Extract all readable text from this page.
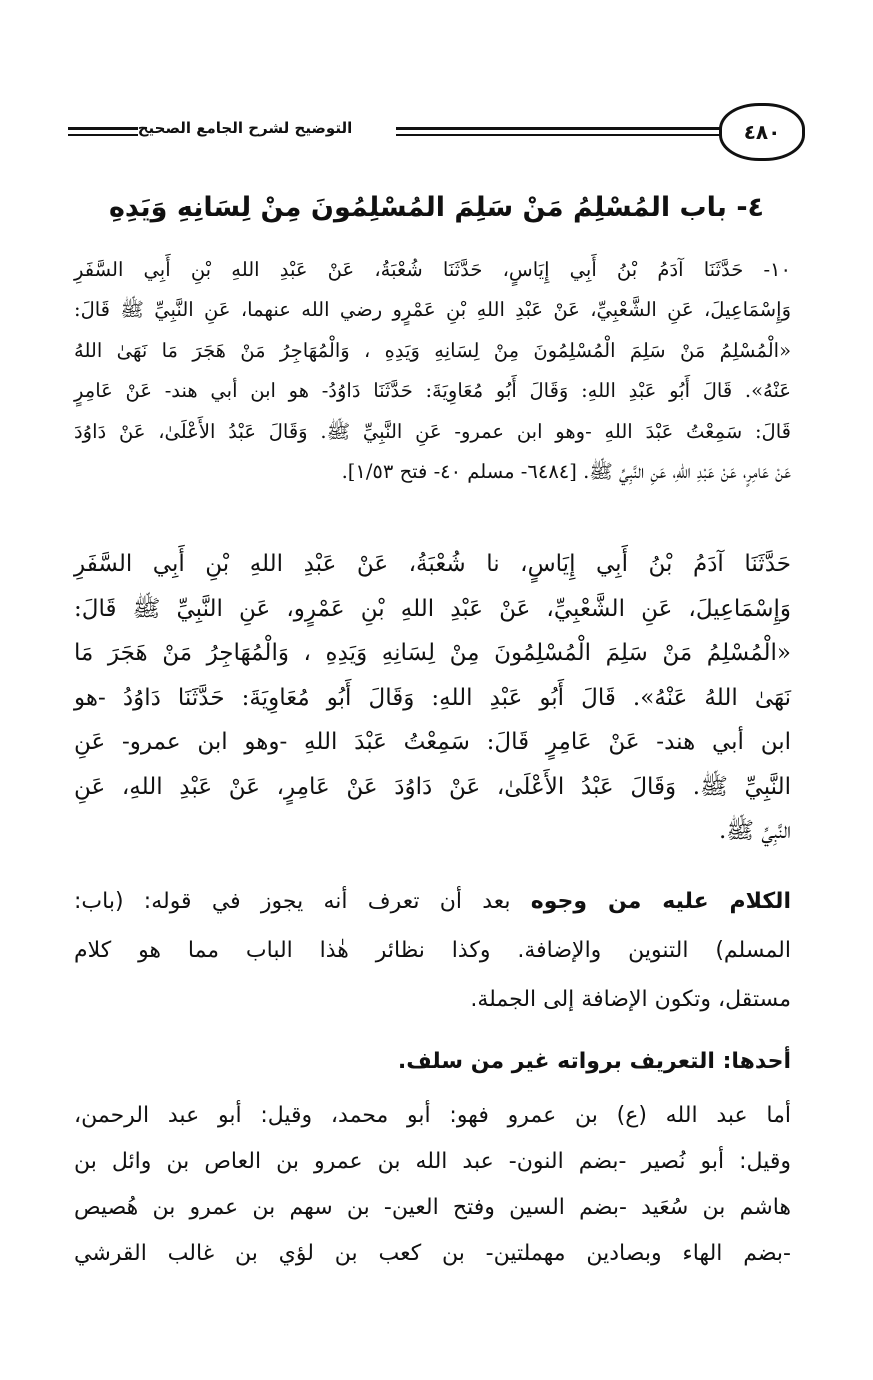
التوضيح لشرح الجامع الصحيح	٤٨٠
٤- باب المُسْلِمُ مَنْ سَلِمَ المُسْلِمُونَ مِنْ لِسَانِهِ وَيَدِهِ
١٠- حَدَّثَنَا آدَمُ بْنُ أَبِي إِيَاسٍ، حَدَّثَنَا شُعْبَةُ، عَنْ عَبْدِ اللهِ بْنِ أَبِي السَّفَرِ
وَإِسْمَاعِيلَ، عَنِ الشَّعْبِيِّ، عَنْ عَبْدِ اللهِ بْنِ عَمْرٍو رضي الله عنهما، عَنِ النَّبِيِّ ﷺ قَالَ:
«الْمُسْلِمُ مَنْ سَلِمَ الْمُسْلِمُونَ مِنْ لِسَانِهِ وَيَدِهِ ، وَالْمُهَاجِرُ مَنْ هَجَرَ مَا نَهَىٰ اللهُ
عَنْهُ». قَالَ أَبُو عَبْدِ اللهِ: وَقَالَ أَبُو مُعَاوِيَةَ: حَدَّثَنَا دَاوُدُ- هو ابن أبي هند- عَنْ عَامِرٍ
قَالَ: سَمِعْتُ عَبْدَ اللهِ -وهو ابن عمرو- عَنِ النَّبِيِّ ﷺ. وَقَالَ عَبْدُ الأَعْلَىٰ، عَنْ دَاوُدَ
عَنْ عَامِرٍ، عَنْ عَبْدِ اللهِ، عَنِ النَّبِيِّ ﷺ. [٦٤٨٤- مسلم ٤٠- فتح ١/٥٣].
حَدَّثَنَا آدَمُ بْنُ أَبِي إِيَاسٍ، نا شُعْبَةُ، عَنْ عَبْدِ اللهِ بْنِ أَبِي السَّفَرِ
وَإِسْمَاعِيلَ، عَنِ الشَّعْبِيِّ، عَنْ عَبْدِ اللهِ بْنِ عَمْرٍو، عَنِ النَّبِيِّ ﷺ قَالَ:
«الْمُسْلِمُ مَنْ سَلِمَ الْمُسْلِمُونَ مِنْ لِسَانِهِ وَيَدِهِ ، وَالْمُهَاجِرُ مَنْ هَجَرَ مَا
نَهَىٰ اللهُ عَنْهُ». قَالَ أَبُو عَبْدِ اللهِ: وَقَالَ أَبُو مُعَاوِيَةَ: حَدَّثَنَا دَاوُدُ -هو
ابن أبي هند- عَنْ عَامِرٍ قَالَ: سَمِعْتُ عَبْدَ اللهِ -وهو ابن عمرو- عَنِ
النَّبِيِّ ﷺ. وَقَالَ عَبْدُ الأَعْلَىٰ، عَنْ دَاوُدَ عَنْ عَامِرٍ، عَنْ عَبْدِ اللهِ، عَنِ
النَّبِيِّ ﷺ.
الكلام عليه من وجوه بعد أن تعرف أنه يجوز في قوله: (باب:
المسلم) التنوين والإضافة. وكذا نظائر هٰذا الباب مما هو كلام
مستقل، وتكون الإضافة إلى الجملة.
أحدها: التعريف برواته غير من سلف.
أما عبد الله (ع) بن عمرو فهو: أبو محمد، وقيل: أبو عبد الرحمن،
وقيل: أبو نُصير -بضم النون- عبد الله بن عمرو بن العاص بن وائل بن
هاشم بن سُعَيد -بضم السين وفتح العين- بن سهم بن عمرو بن هُصيص
-بضم الهاء وبصادين مهملتين- بن كعب بن لؤي بن غالب القرشي
